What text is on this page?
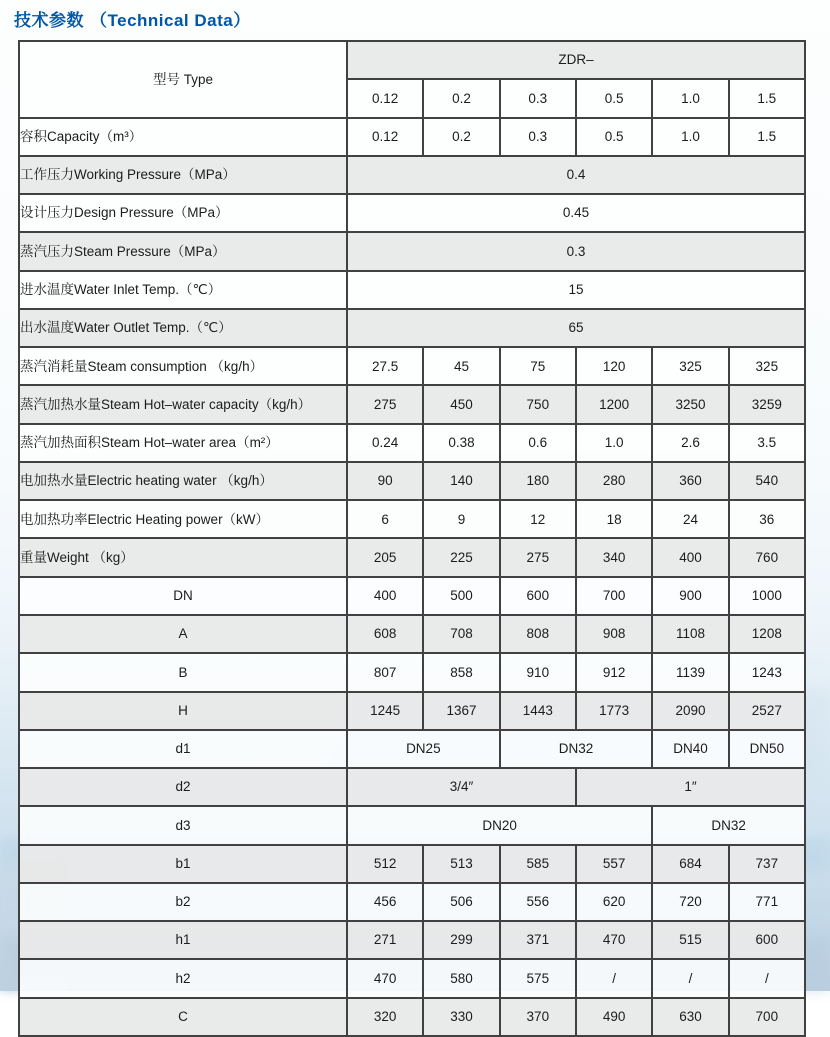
技术参数 （Technical Data）
型号 Type	ZDR–					
	0.12	0.2	0.3	0.5	1.0	1.5
容积Capacity（m³）	0.12	0.2	0.3	0.5	1.0	1.5
工作压力Working Pressure（MPa）	0.4					
设计压力Design Pressure（MPa）	0.45					
蒸汽压力Steam Pressure（MPa）	0.3					
进水温度Water Inlet Temp.（℃）	15					
出水温度Water Outlet Temp.（℃）	65					
蒸汽消耗量Steam consumption （kg/h）	27.5	45	75	120	325	325
蒸汽加热水量Steam Hot–water capacity（kg/h）	275	450	750	1200	3250	3259
蒸汽加热面积Steam Hot–water area（m²）	0.24	0.38	0.6	1.0	2.6	3.5
电加热水量Electric heating water （kg/h）	90	140	180	280	360	540
电加热功率Electric Heating power（kW）	6	9	12	18	24	36
重量Weight （kg）	205	225	275	340	400	760
DN	400	500	600	700	900	1000
A	608	708	808	908	1108	1208
B	807	858	910	912	1139	1243
H	1245	1367	1443	1773	2090	2527
d1	DN25		DN32		DN40	DN50
d2	3/4″			1″		
d3	DN20				DN32	
b1	512	513	585	557	684	737
b2	456	506	556	620	720	771
h1	271	299	371	470	515	600
h2	470	580	575	/	/	/
C	320	330	370	490	630	700
